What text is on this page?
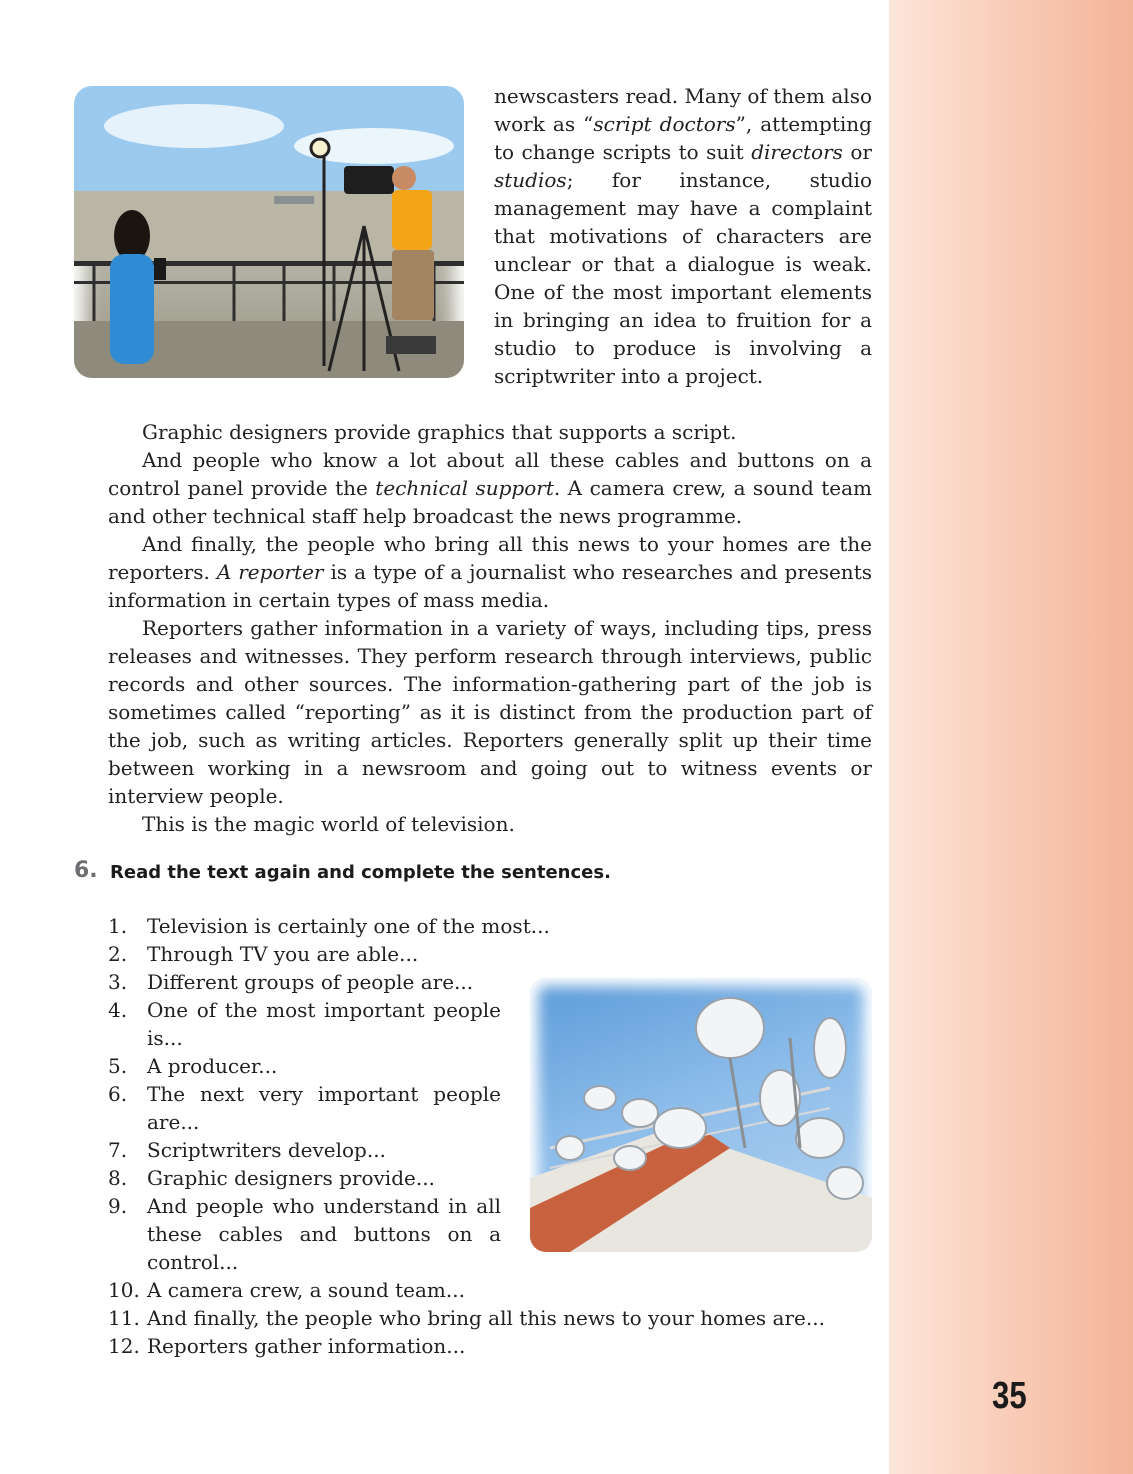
newscasters read. Many of them also work as “script doctors”, attempting to change scripts to suit directors or studios; for instance, studio management may have a complaint that motivations of characters are unclear or that a dialogue is weak. One of the most important elements in bringing an idea to fruition for a studio to produce is involving a scriptwriter into a project.

Graphic designers provide graphics that supports a script.

And people who know a lot about all these cables and buttons on a control panel provide the technical support. A camera crew, a sound team and other technical staff help broadcast the news programme.

And finally, the people who bring all this news to your homes are the reporters. A reporter is a type of a journalist who researches and presents information in certain types of mass media.

Reporters gather information in a variety of ways, including tips, press releases and witnesses. They perform research through interviews, public records and other sources. The information-gathering part of the job is sometimes called “reporting” as it is distinct from the production part of the job, such as writing articles. Reporters generally split up their time between working in a newsroom and going out to witness events or interview people.

This is the magic world of television.

6. Read the text again and complete the sentences.
1. Television is certainly one of the most...
2. Through TV you are able...
3. Different groups of people are...
4. One of the most important people is...
5. A producer...
6. The next very important people are...
7. Scriptwriters develop...
8. Graphic designers provide...
9. And people who understand in all these cables and buttons on a control...
10. A camera crew, a sound team...
11. And finally, the people who bring all this news to your homes are...
12. Reporters gather information...
35
